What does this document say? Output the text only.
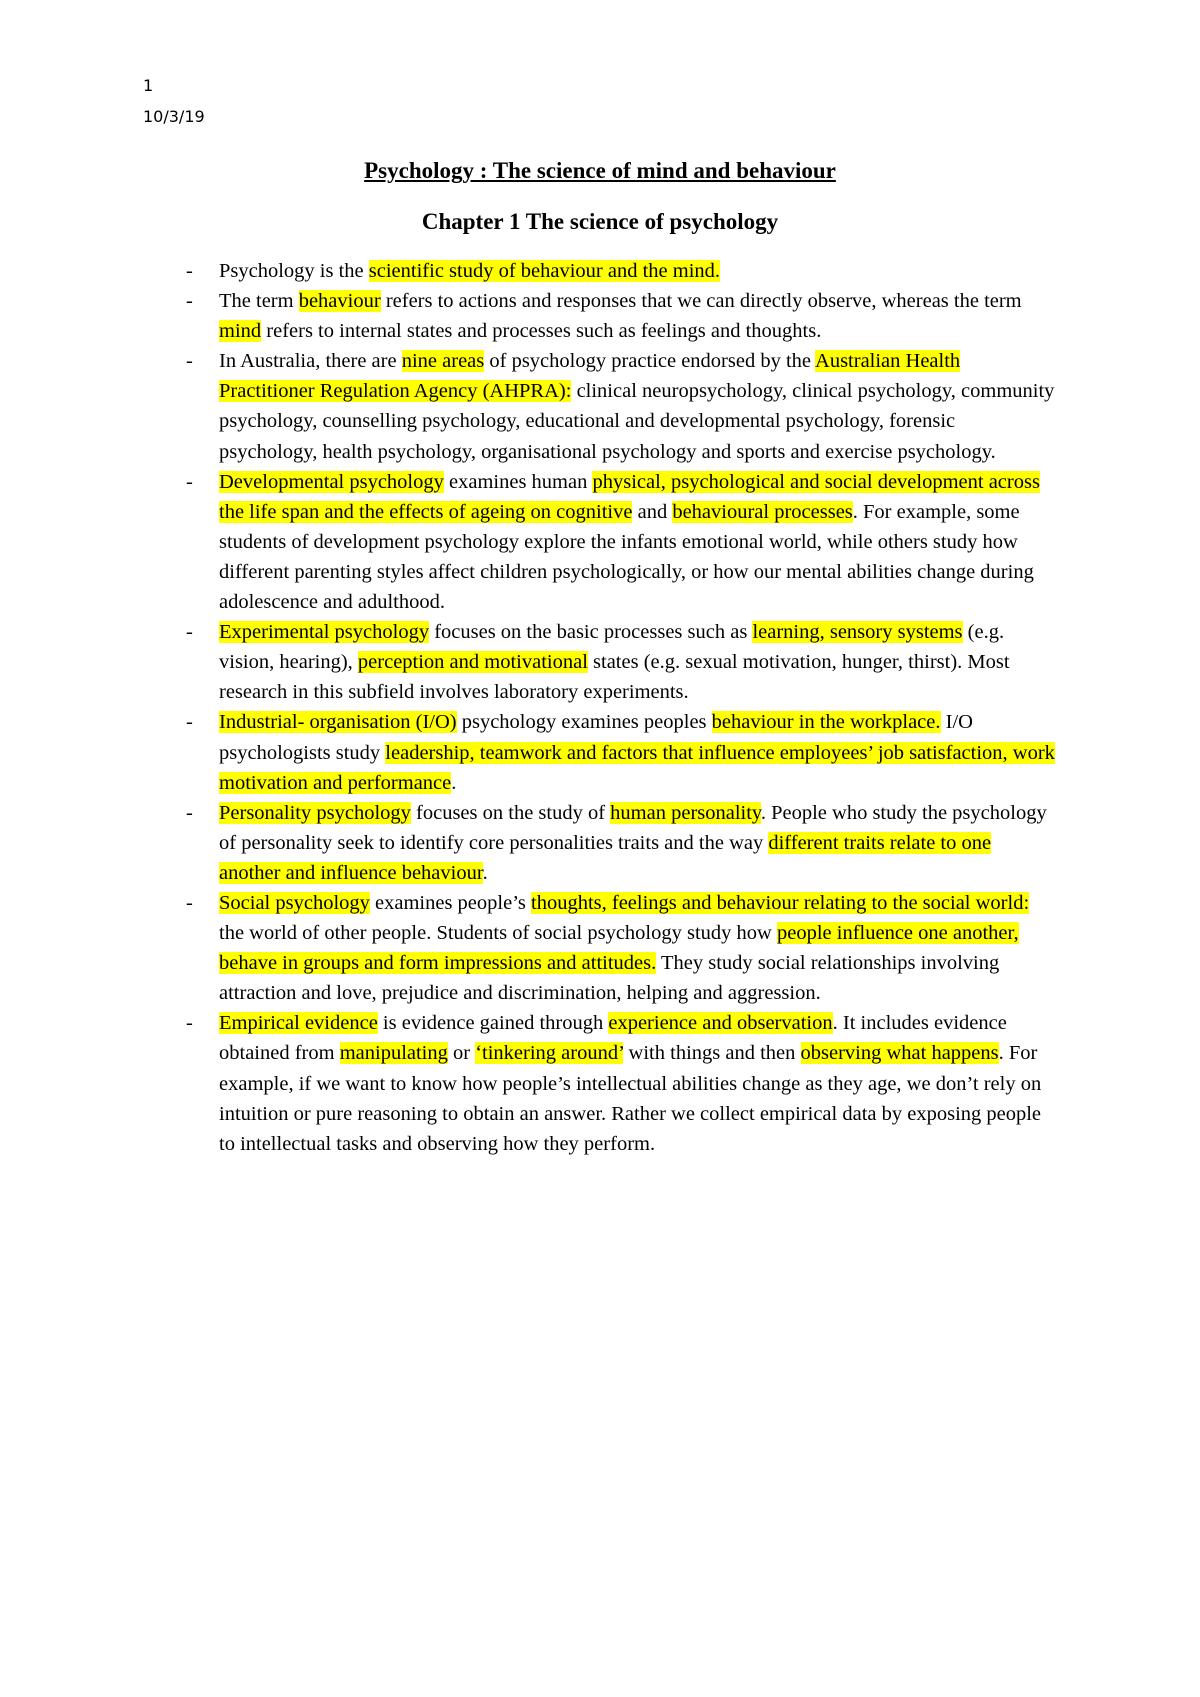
1
10/3/19
Psychology : The science of mind and behaviour
Chapter 1 The science of psychology
- Psychology is the scientific study of behaviour and the mind.
- The term behaviour refers to actions and responses that we can directly observe, whereas the term mind refers to internal states and processes such as feelings and thoughts.
- In Australia, there are nine areas of psychology practice endorsed by the Australian Health Practitioner Regulation Agency (AHPRA): clinical neuropsychology, clinical psychology, community psychology, counselling psychology, educational and developmental psychology, forensic psychology, health psychology, organisational psychology and sports and exercise psychology.
- Developmental psychology examines human physical, psychological and social development across the life span and the effects of ageing on cognitive and behavioural processes. For example, some students of development psychology explore the infants emotional world, while others study how different parenting styles affect children psychologically, or how our mental abilities change during adolescence and adulthood.
- Experimental psychology focuses on the basic processes such as learning, sensory systems (e.g. vision, hearing), perception and motivational states (e.g. sexual motivation, hunger, thirst). Most research in this subfield involves laboratory experiments.
- Industrial- organisation (I/O) psychology examines peoples behaviour in the workplace. I/O psychologists study leadership, teamwork and factors that influence employees’ job satisfaction, work motivation and performance.
- Personality psychology focuses on the study of human personality. People who study the psychology of personality seek to identify core personalities traits and the way different traits relate to one another and influence behaviour.
- Social psychology examines people’s thoughts, feelings and behaviour relating to the social world: the world of other people. Students of social psychology study how people influence one another, behave in groups and form impressions and attitudes. They study social relationships involving attraction and love, prejudice and discrimination, helping and aggression.
- Empirical evidence is evidence gained through experience and observation. It includes evidence obtained from manipulating or ‘tinkering around’ with things and then observing what happens. For example, if we want to know how people’s intellectual abilities change as they age, we don’t rely on intuition or pure reasoning to obtain an answer. Rather we collect empirical data by exposing people to intellectual tasks and observing how they perform.
